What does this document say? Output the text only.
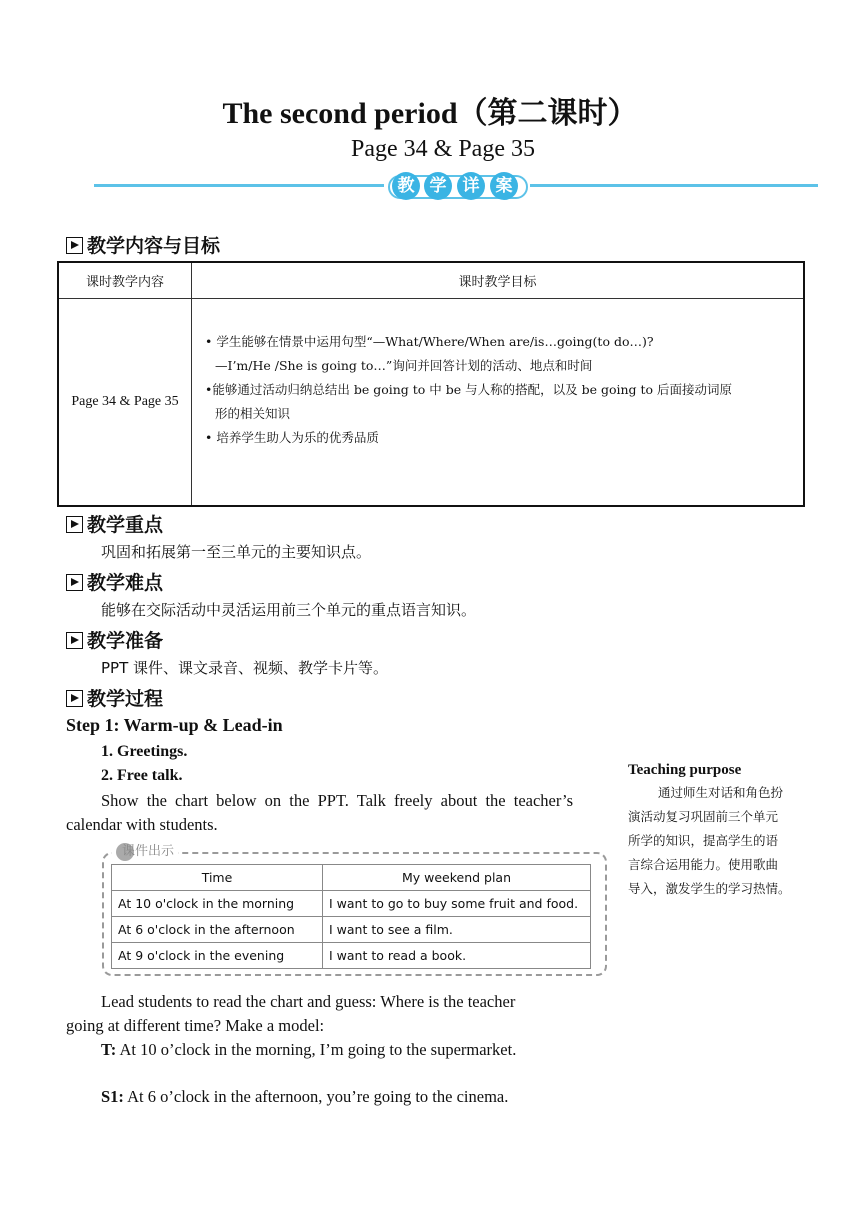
The second period（第二课时）
Page 34 & Page 35
教 学 详 案
教学内容与目标
课时教学内容	课时教学目标
Page 34 & Page 35	• 学生能够在情景中运用句型“—What/Where/When are/is…going(to do…)?
—I’m/He /She is going to…”询问并回答计划的活动、地点和时间
•能够通过活动归纳总结出 be going to 中 be 与人称的搭配，以及 be going to 后面接动词原
形的相关知识
• 培养学生助人为乐的优秀品质
教学重点
巩固和拓展第一至三单元的主要知识点。
教学难点
能够在交际活动中灵活运用前三个单元的重点语言知识。
教学准备
PPT 课件、课文录音、视频、教学卡片等。
教学过程
Step 1: Warm-up & Lead-in
1. Greetings.
2. Free talk.
Show the chart below on the PPT. Talk freely about the teacher’s
calendar with students.
课件出示
Time	My weekend plan
At 10 o'clock in the morning	I want to go to buy some fruit and food.
At 6 o'clock in the afternoon	I want to see a film.
At 9 o'clock in the evening	I want to read a book.
Lead students to read the chart and guess: Where is the teacher
going at different time? Make a model:
T: At 10 o’clock in the morning, I’m going to the supermarket.
S1: At 6 o’clock in the afternoon, you’re going to the cinema.
Teaching purpose
通过师生对话和角色扮
演活动复习巩固前三个单元
所学的知识，提高学生的语
言综合运用能力。使用歌曲
导入，激发学生的学习热情。
